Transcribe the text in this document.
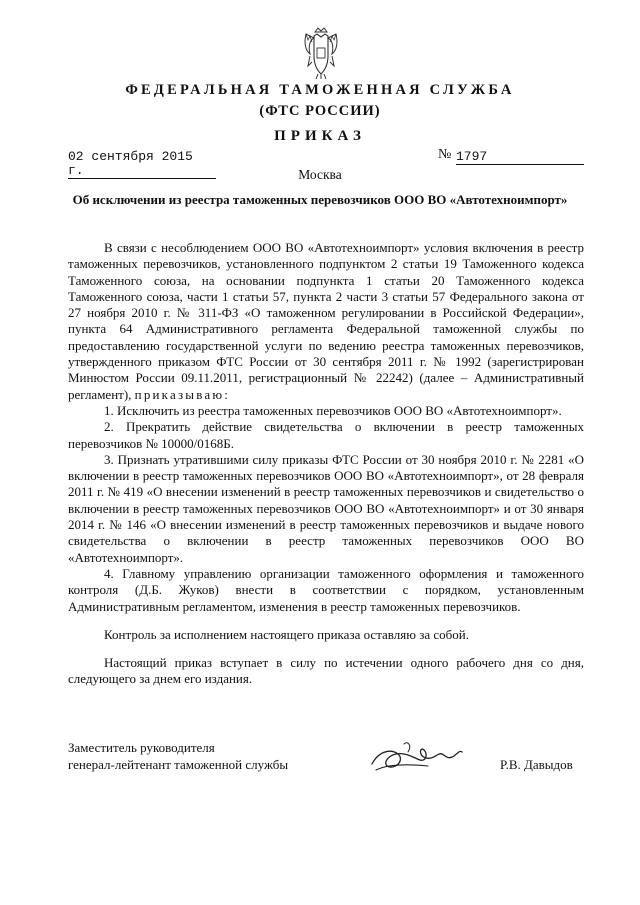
ФЕДЕРАЛЬНАЯ ТАМОЖЕННАЯ СЛУЖБА
(ФТС РОССИИ)
ПРИКАЗ
02 сентября 2015 г.
№ 1797
Москва
Об исключении из реестра таможенных перевозчиков ООО ВО «Автотехноимпорт»

В связи с несоблюдением ООО ВО «Автотехноимпорт» условия включения в реестр таможенных перевозчиков, установленного подпунктом 2 статьи 19 Таможенного кодекса Таможенного союза, на основании подпункта 1 статьи 20 Таможенного кодекса Таможенного союза, части 1 статьи 57, пункта 2 части 3 статьи 57 Федерального закона от 27 ноября 2010 г. № 311-ФЗ «О таможенном регулировании в Российской Федерации», пункта 64 Административного регламента Федеральной таможенной службы по предоставлению государственной услуги по ведению реестра таможенных перевозчиков, утвержденного приказом ФТС России от 30 сентября 2011 г. № 1992 (зарегистрирован Минюстом России 09.11.2011, регистрационный № 22242) (далее – Административный регламент), приказываю:

1. Исключить из реестра таможенных перевозчиков ООО ВО «Автотехноимпорт».

2. Прекратить действие свидетельства о включении в реестр таможенных перевозчиков № 10000/0168Б.

3. Признать утратившими силу приказы ФТС России от 30 ноября 2010 г. № 2281 «О включении в реестр таможенных перевозчиков ООО ВО «Автотехноимпорт», от 28 февраля 2011 г. № 419 «О внесении изменений в реестр таможенных перевозчиков и свидетельство о включении в реестр таможенных перевозчиков ООО ВО «Автотехноимпорт» и от 30 января 2014 г. № 146 «О внесении изменений в реестр таможенных перевозчиков и выдаче нового свидетельства о включении в реестр таможенных перевозчиков ООО ВО «Автотехноимпорт».

4. Главному управлению организации таможенного оформления и таможенного контроля (Д.Б. Жуков) внести в соответствии с порядком, установленным Административным регламентом, изменения в реестр таможенных перевозчиков.

Контроль за исполнением настоящего приказа оставляю за собой.

Настоящий приказ вступает в силу по истечении одного рабочего дня со дня, следующего за днем его издания.

Заместитель руководителя
генерал-лейтенант таможенной службы	Р.В. Давыдов
